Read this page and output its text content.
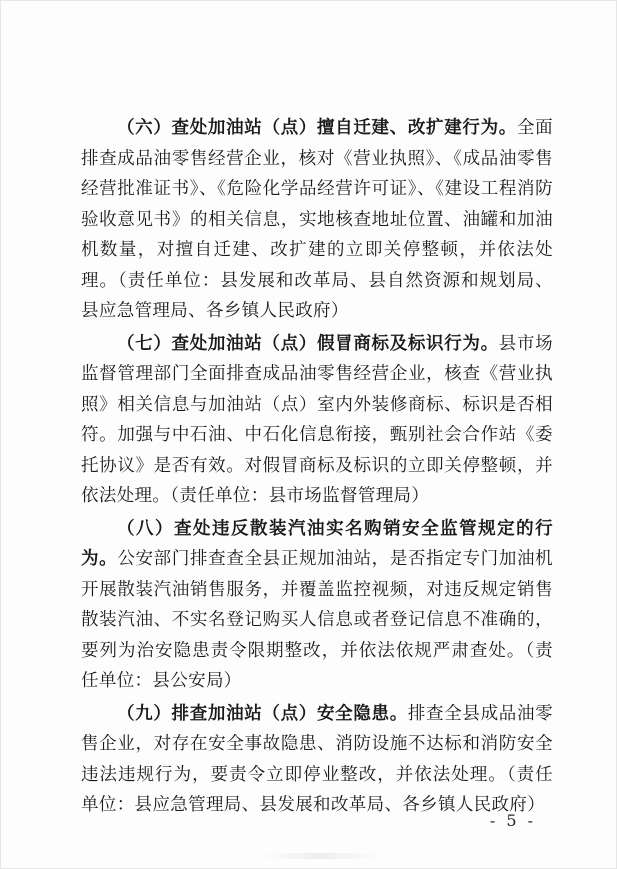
（六）查处加油站（点）擅自迁建、改扩建行为。全面排查成品油零售经营企业，核对《营业执照》、《成品油零售经营批准证书》、《危险化学品经营许可证》、《建设工程消防验收意见书》的相关信息，实地核查地址位置、油罐和加油机数量，对擅自迁建、改扩建的立即关停整顿，并依法处理。（责任单位：县发展和改革局、县自然资源和规划局、县应急管理局、各乡镇人民政府）

（七）查处加油站（点）假冒商标及标识行为。县市场监督管理部门全面排查成品油零售经营企业，核查《营业执照》相关信息与加油站（点）室内外装修商标、标识是否相符。加强与中石油、中石化信息衔接，甄别社会合作站《委托协议》是否有效。对假冒商标及标识的立即关停整顿，并依法处理。（责任单位：县市场监督管理局）

（八）查处违反散装汽油实名购销安全监管规定的行为。公安部门排查查全县正规加油站，是否指定专门加油机开展散装汽油销售服务，并覆盖监控视频，对违反规定销售散装汽油、不实名登记购买人信息或者登记信息不准确的，要列为治安隐患责令限期整改，并依法依规严肃查处。（责任单位：县公安局）

（九）排查加油站（点）安全隐患。排查全县成品油零售企业，对存在安全事故隐患、消防设施不达标和消防安全违法违规行为，要责令立即停业整改，并依法处理。（责任单位：县应急管理局、县发展和改革局、各乡镇人民政府）

- 5 -
